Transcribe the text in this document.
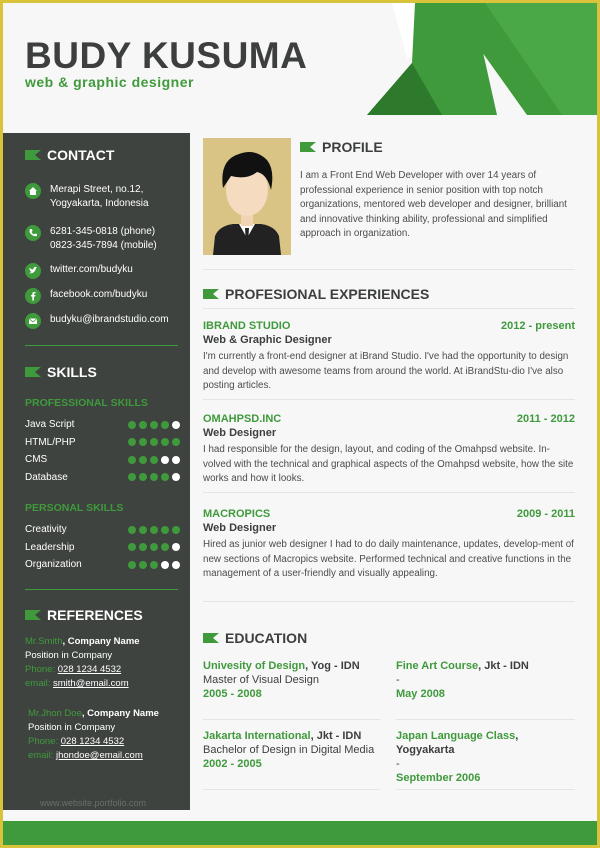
BUDY KUSUMA
web & graphic designer
CONTACT
Merapi Street, no.12,
Yogyakarta, Indonesia
6281-345-0818 (phone)
0823-345-7894 (mobile)
twitter.com/budyku
facebook.com/budyku
budyku@ibrandstudio.com
SKILLS
PROFESSIONAL SKILLS
Java Script
HTML/PHP
CMS
Database
PERSONAL SKILLS
Creativity
Leadership
Organization
REFERENCES
Mr.Smith, Company Name
Position in Company
Phone: 028 1234 4532
email: smith@email.com
Mr.Jhon Doe, Company Name
Position in Company
Phone: 028 1234 4532
email: jhondoe@email.com
www.website.portfolio.com
PROFILE
I am a Front End Web Developer with over 14 years of professional experience in senior position with top notch organizations, mentored web developer and designer, brilliant and innovative thinking ability, professional and simplified approach in organization.
PROFESIONAL EXPERIENCES
IBRAND STUDIO	2012 - present
Web & Graphic Designer
I'm currently a front-end designer at iBrand Studio. I've had the opportunity to design and develop with awesome teams from around the world. At iBrandStu-dio I've also posting articles.
OMAHPSD.INC	2011 - 2012
Web Designer
I had responsible for the design, layout, and coding of the Omahpsd website. In-volved with the technical and graphical aspects of the Omahpsd website, how the site works and how it looks.
MACROPICS	2009 - 2011
Web Designer
Hired as junior web designer I had to do daily maintenance, updates, develop-ment of new sections of Macropics website. Performed technical and creative functions in the management of a user-friendly and visually appealing.
EDUCATION
Univesity of Design, Yog - IDN
Master of Visual Design
2005 - 2008
Fine Art Course, Jkt - IDN
-
May 2008
Jakarta International, Jkt - IDN
Bachelor of Design in Digital Media
2002 - 2005
Japan Language Class, Yogyakarta
-
September 2006
